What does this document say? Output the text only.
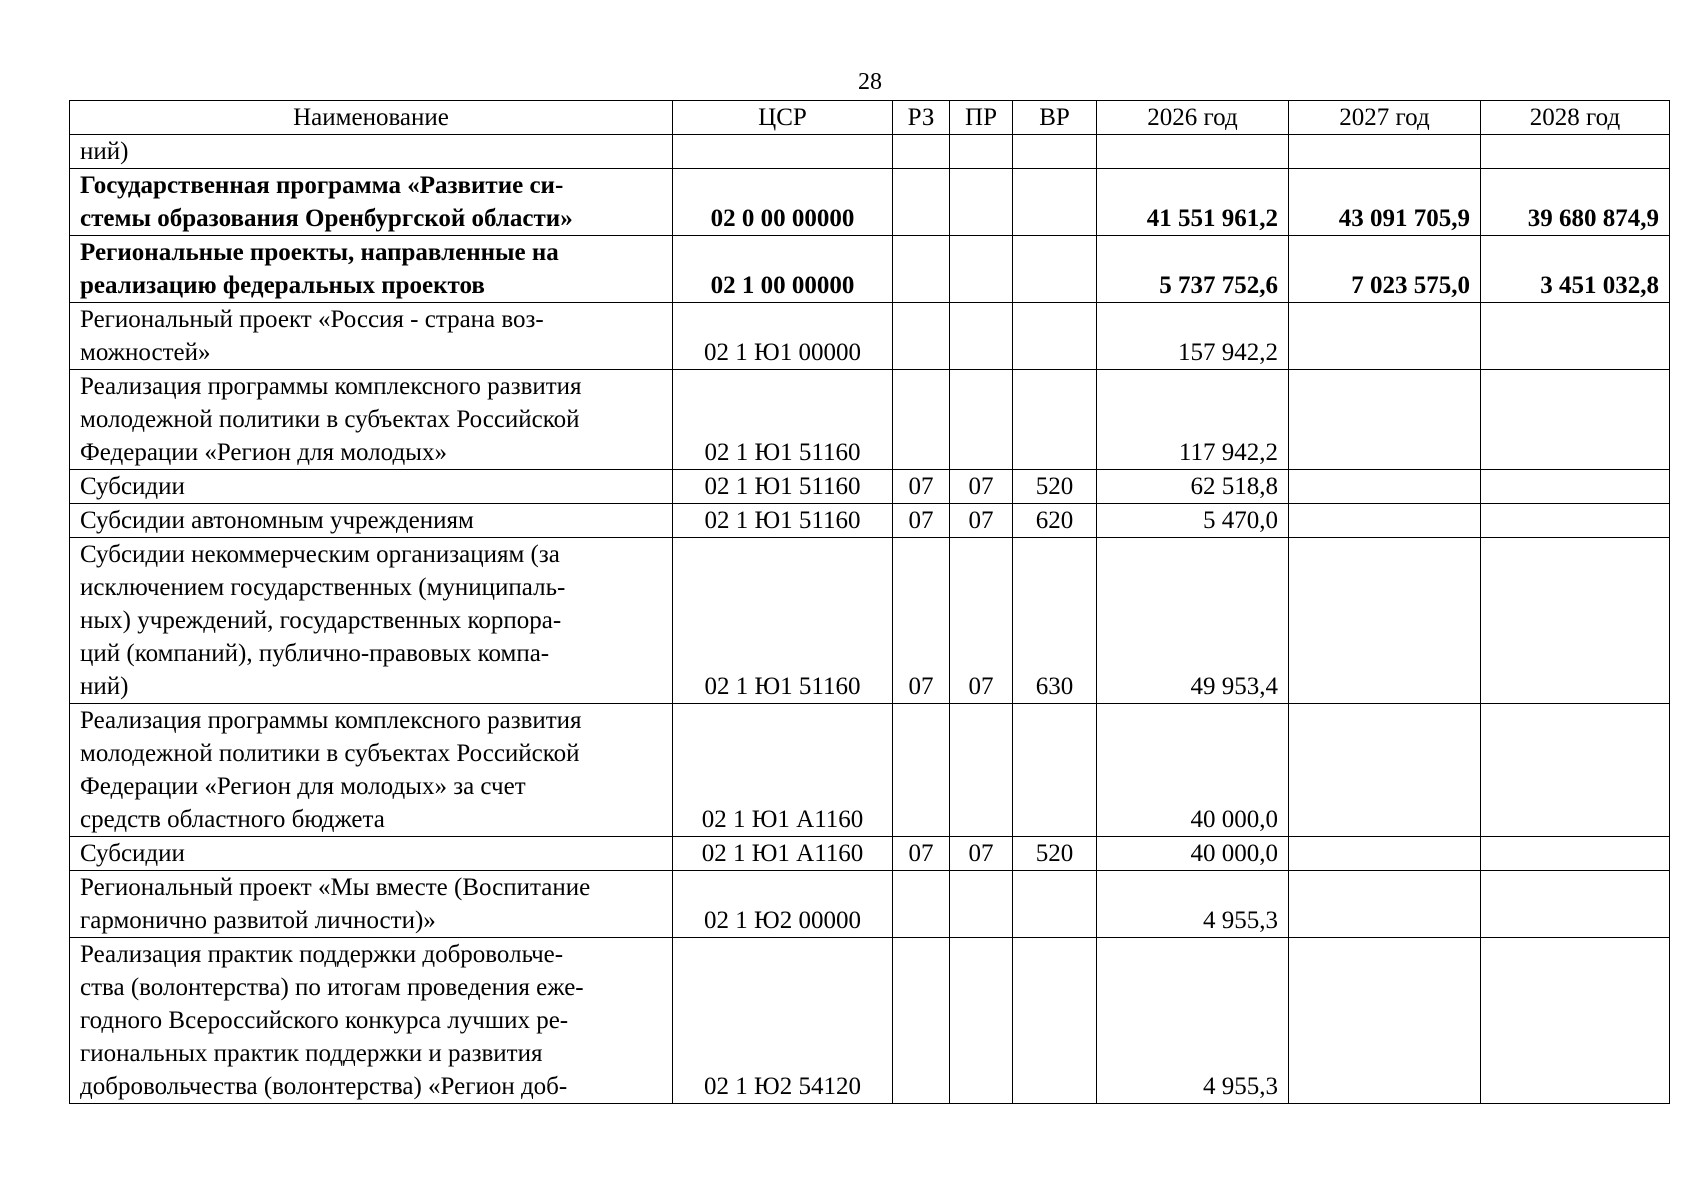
28
Наименование	ЦСР	РЗ	ПР	ВР	2026 год	2027 год	2028 год
ний)							
Государственная программа «Развитие си-
стемы образования Оренбургской области»	02 0 00 00000				41 551 961,2	43 091 705,9	39 680 874,9
Региональные проекты, направленные на
реализацию федеральных проектов	02 1 00 00000				5 737 752,6	7 023 575,0	3 451 032,8
Региональный проект «Россия - страна воз-
можностей»	02 1 Ю1 00000				157 942,2		
Реализация программы комплексного развития
молодежной политики в субъектах Российской
Федерации «Регион для молодых»	02 1 Ю1 51160				117 942,2		
Субсидии	02 1 Ю1 51160	07	07	520	62 518,8		
Субсидии автономным учреждениям	02 1 Ю1 51160	07	07	620	5 470,0		
Субсидии некоммерческим организациям (за
исключением государственных (муниципаль-
ных) учреждений, государственных корпора-
ций (компаний), публично-правовых компа-
ний)	02 1 Ю1 51160	07	07	630	49 953,4		
Реализация программы комплексного развития
молодежной политики в субъектах Российской
Федерации «Регион для молодых» за счет
средств областного бюджета	02 1 Ю1 А1160				40 000,0		
Субсидии	02 1 Ю1 А1160	07	07	520	40 000,0		
Региональный проект «Мы вместе (Воспитание
гармонично развитой личности)»	02 1 Ю2 00000				4 955,3		
Реализация практик поддержки добровольче-
ства (волонтерства) по итогам проведения еже-
годного Всероссийского конкурса лучших ре-
гиональных практик поддержки и развития
добровольчества (волонтерства) «Регион доб-	02 1 Ю2 54120				4 955,3		
